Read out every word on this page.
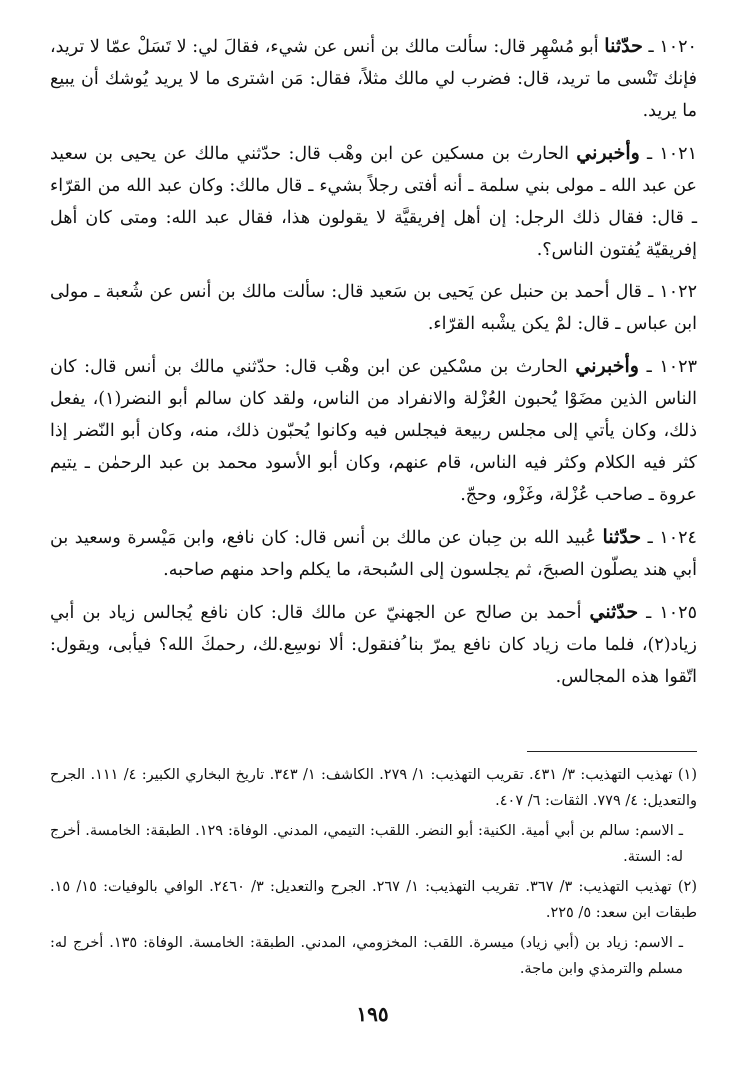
١٠٢٠ ـ حدّثنا أبو مُسْهِر قال: سألت مالك بن أنس عن شيء، فقالَ لي: لا تَسَلْ عمّا لا تريد، فإنك تَنْسى ما تريد، قال: فضرب لي مالك مثلاً، فقال: مَن اشترى ما لا يريد يُوشك أن يبيع ما يريد.

١٠٢١ ـ وأخبرني الحارث بن مسكين عن ابن وهْب قال: حدّثني مالك عن يحيى بن سعيد عن عبد الله ـ مولى بني سلمة ـ أنه أفتى رجلاً بشيء ـ قال مالك: وكان عبد الله من القرّاء ـ قال: فقال ذلك الرجل: إن أهل إفريقيَّة لا يقولون هذا، فقال عبد الله: ومتى كان أهل إفريقيّة يُفتون الناس؟.

١٠٢٢ ـ قال أحمد بن حنبل عن يَحيى بن سَعيد قال: سألت مالك بن أنس عن شُعبة ـ مولى ابن عباس ـ قال: لمْ يكن يشْبه القرّاء.

١٠٢٣ ـ وأخبرني الحارث بن مسْكين عن ابن وهْب قال: حدّثني مالك بن أنس قال: كان الناس الذين مضَوْا يُحبون العُزْلة والانفراد من الناس، ولقد كان سالم أبو النضر(١)، يفعل ذلك، وكان يأتي إلى مجلس ربيعة فيجلس فيه وكانوا يُحبّون ذلك، منه، وكان أبو النّضر إذا كثر فيه الكلام وكثر فيه الناس، قام عنهم، وكان أبو الأسود محمد بن عبد الرحمٰن ـ يتيم عروة ـ صاحب عُزْلة، وغَزْو، وحجّ.

١٠٢٤ ـ حدّثنا عُبيد الله بن حِبان عن مالك بن أنس قال: كان نافع، وابن مَيْسرة وسعيد بن أبي هند يصلّون الصبحَ، ثم يجلسون إلى السُبحة، ما يكلم واحد منهم صاحبه.

١٠٢٥ ـ حدّثني أحمد بن صالح عن الجهنيّ عن مالك قال: كان نافع يُجالس زياد بن أبي زياد(٢)، فلما مات زياد كان نافع يمرّ بنا ُفنقول: ألا نوسِع.لك، رحمكَ الله؟ فيأبى، ويقول: اتّقوا هذه المجالس.

(١) تهذيب التهذيب: ٣/ ٤٣١. تقريب التهذيب: ١/ ٢٧٩. الكاشف: ١/ ٣٤٣. تاريخ البخاري الكبير: ٤/ ١١١. الجرح والتعديل: ٤/ ٧٧٩. الثقات: ٦/ ٤٠٧.

ـ الاسم: سالم بن أبي أمية. الكنية: أبو النضر. اللقب: التيمي، المدني. الوفاة: ١٢٩. الطبقة: الخامسة. أخرج له: الستة.

(٢) تهذيب التهذيب: ٣/ ٣٦٧. تقريب التهذيب: ١/ ٢٦٧. الجرح والتعديل: ٣/ ٢٤٦٠. الوافي بالوفيات: ١٥/ ١٥. طبقات ابن سعد: ٥/ ٢٢٥.

ـ الاسم: زياد بن (أبي زياد) ميسرة. اللقب: المخزومي، المدني. الطبقة: الخامسة. الوفاة: ١٣٥. أخرج له: مسلم والترمذي وابن ماجة.

١٩٥
